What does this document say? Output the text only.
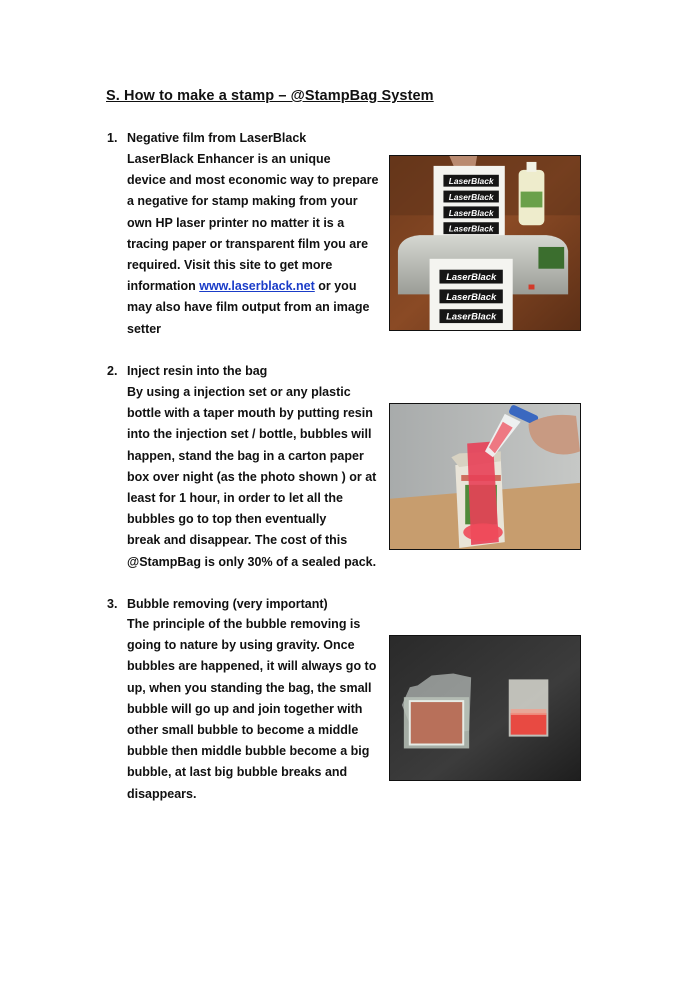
S. How to make a stamp – @StampBag System
1. Negative film from LaserBlack
LaserBlack Enhancer is an unique
device and most economic way to prepare
a negative for stamp making from your
own HP laser printer no matter it is a
tracing paper or transparent film you are
required. Visit this site to get more
information www.laserblack.net or you
may also have film output from an image
setter
LaserBlack
LaserBlack
LaserBlack
LaserBlack
LaserBlack
LaserBlack
LaserBlack
2. Inject resin into the bag
By using a injection set or any plastic
bottle with a taper mouth by putting resin
into the injection set / bottle, bubbles will
happen, stand the bag in a carton paper
box over night (as the photo shown ) or at
least for 1 hour, in order to let all the
bubbles go to top then eventually
break and disappear. The cost of this
@StampBag is only 30% of a sealed pack.
3. Bubble removing (very important)
The principle of the bubble removing is
going to nature by using gravity. Once
bubbles are happened, it will always go to
up, when you standing the bag, the small
bubble will go up and join together with
other small bubble to become a middle
bubble then middle bubble become a big
bubble, at last big bubble breaks and
disappears.
